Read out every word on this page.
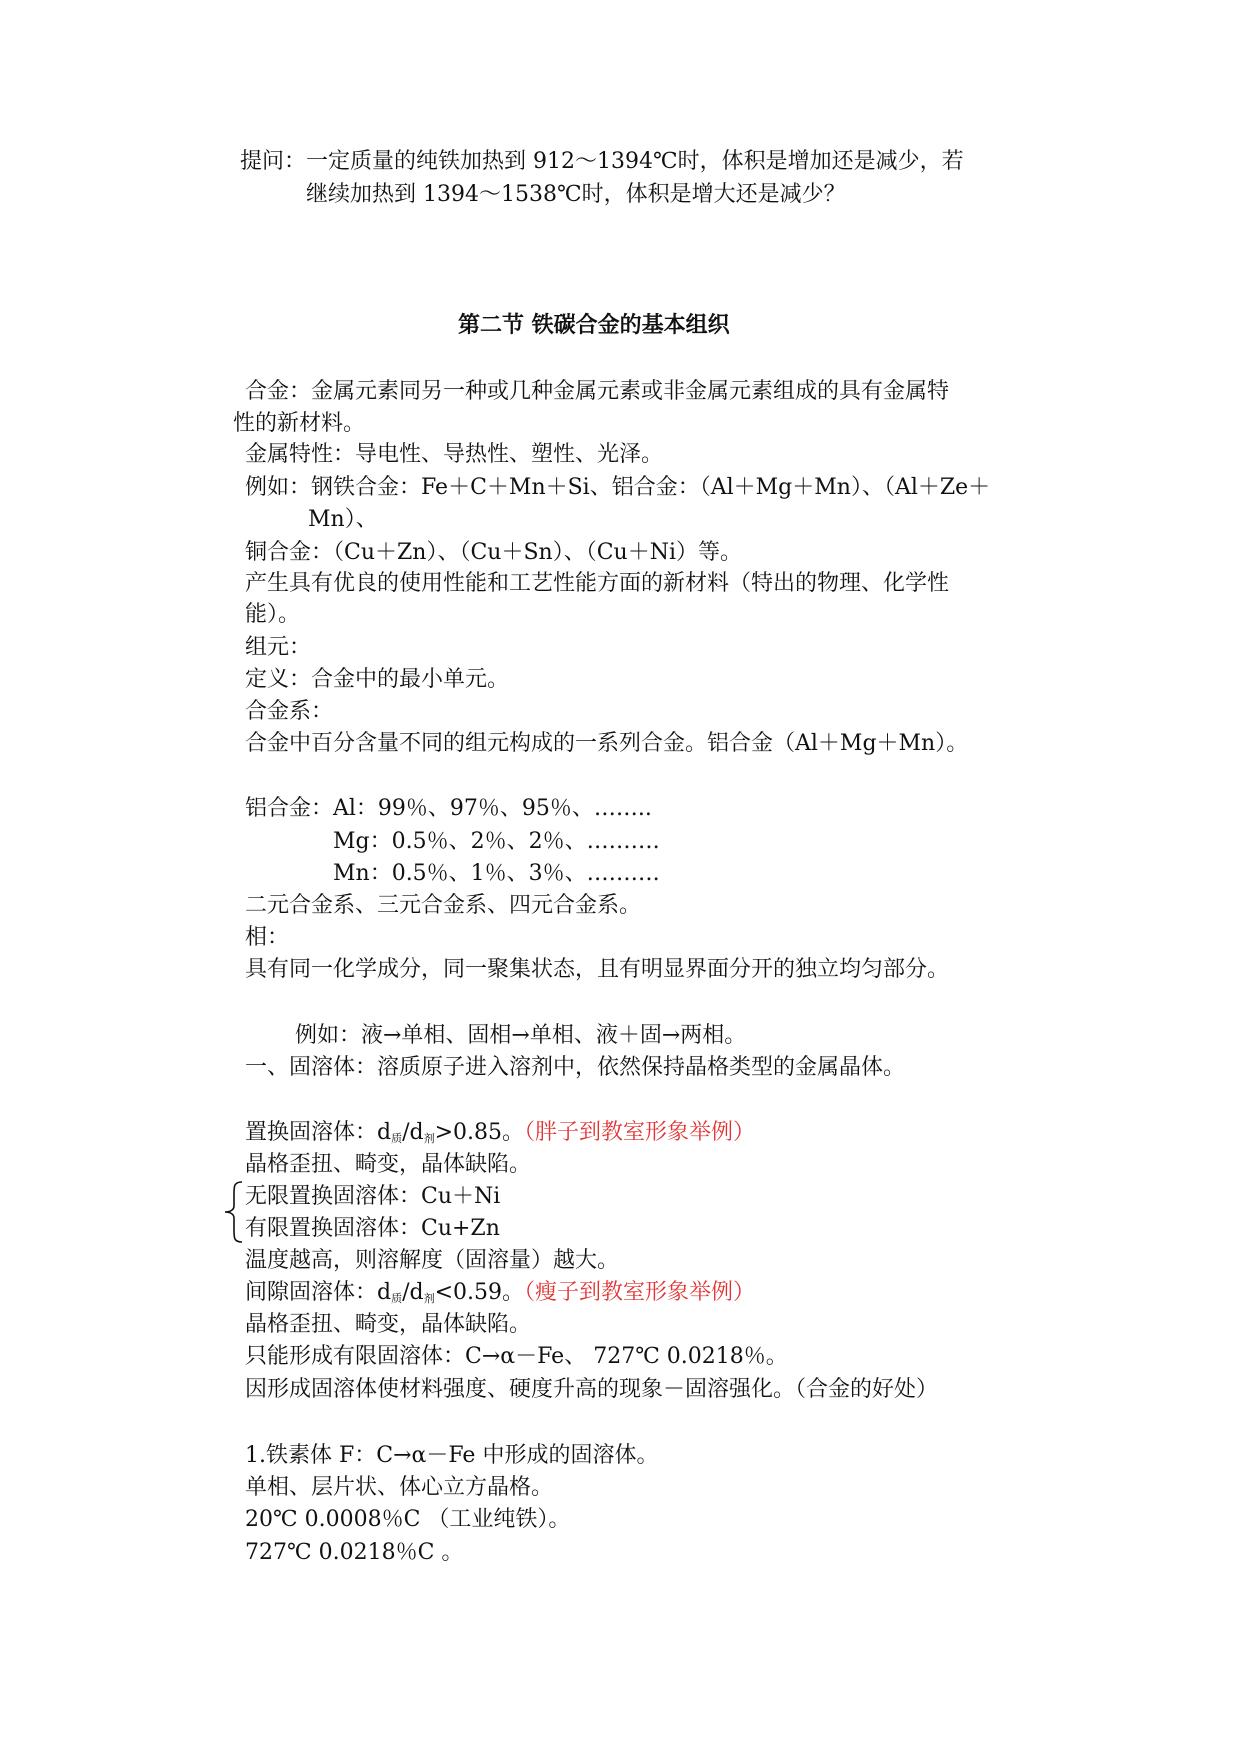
提问： 一定质量的纯铁加热到 912～1394℃时，体积是增加还是减少，若
继续加热到 1394～1538℃时，体积是增大还是减少？
第二节 铁碳合金的基本组织
合金：金属元素同另一种或几种金属元素或非金属元素组成的具有金属特
性的新材料。
金属特性：导电性、导热性、塑性、光泽。
例如：钢铁合金：Fe＋C＋Mn＋Si、铝合金：（Al＋Mg＋Mn）、（Al＋Ze＋
Mn）、
铜合金：（Cu＋Zn）、（Cu＋Sn）、（Cu＋Ni）等。
产生具有优良的使用性能和工艺性能方面的新材料（特出的物理、化学性
能）。
组元：
定义：合金中的最小单元。
合金系：
合金中百分含量不同的组元构成的一系列合金。铝合金（Al＋Mg＋Mn）。
铝合金：Al：99％、97％、95％、……..
Mg：0.5％、2％、2％、……….
Mn：0.5％、1％、3％、……….
二元合金系、三元合金系、四元合金系。
相：
具有同一化学成分，同一聚集状态，且有明显界面分开的独立均匀部分。
例如：液→单相、固相→单相、液＋固→两相。
一、固溶体：溶质原子进入溶剂中，依然保持晶格类型的金属晶体。
置换固溶体：$d_质/d_剂>0.85$。（胖子到教室形象举例）
晶格歪扭、畸变，晶体缺陷。
无限置换固溶体：Cu＋Ni
有限置换固溶体：Cu+Zn
温度越高，则溶解度（固溶量）越大。
间隙固溶体：$d_质/d_剂<0.59$。（瘦子到教室形象举例）
晶格歪扭、畸变，晶体缺陷。
只能形成有限固溶体：C→α－Fe、 727℃ 0.0218％。
因形成固溶体使材料强度、硬度升高的现象－固溶强化。（合金的好处）
1.铁素体 F：C→α－Fe 中形成的固溶体。
单相、层片状、体心立方晶格。
20℃ 0.0008％C （工业纯铁）。
727℃ 0.0218％C 。
